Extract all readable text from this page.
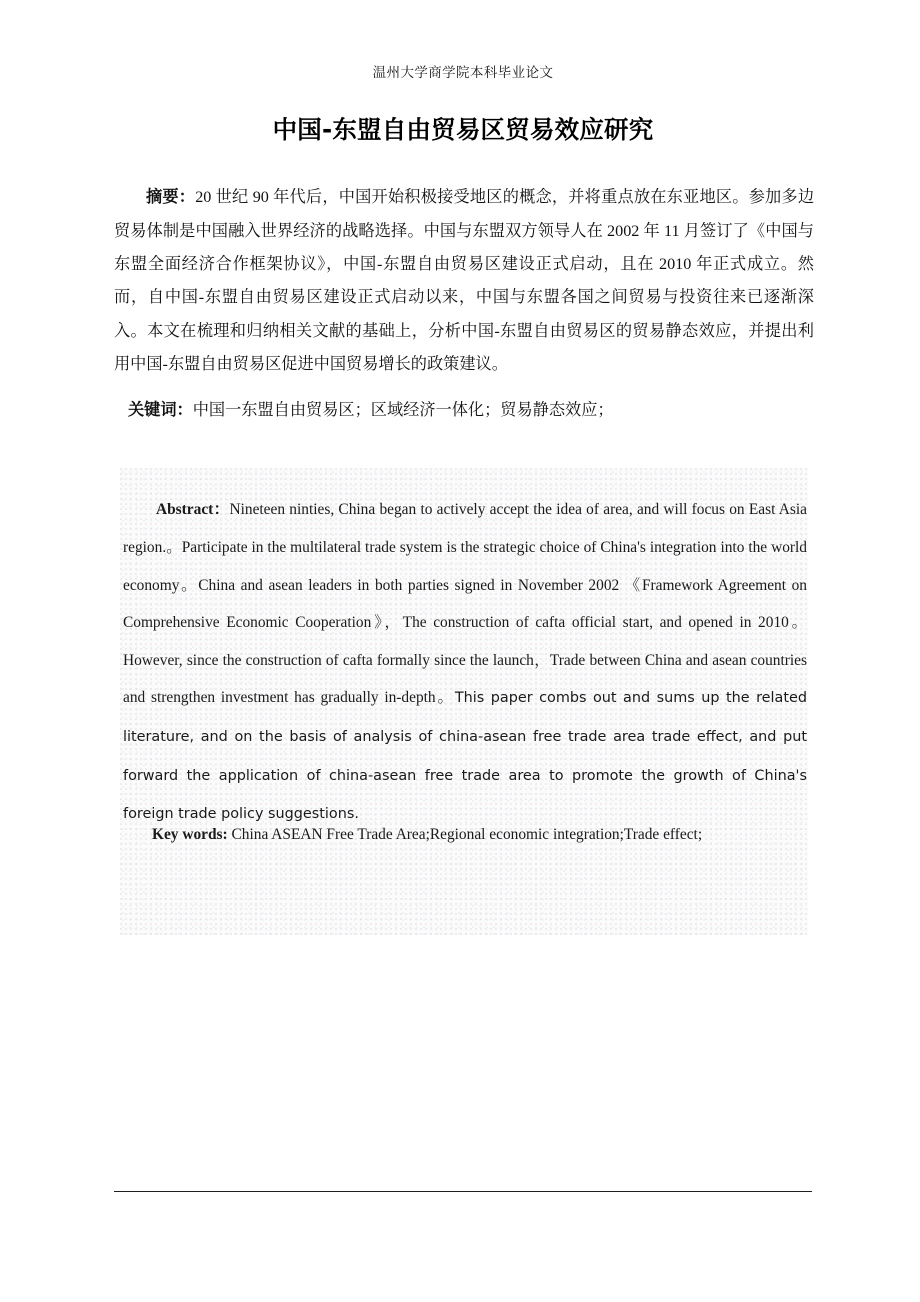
温州大学商学院本科毕业论文
中国-东盟自由贸易区贸易效应研究

摘要：20 世纪 90 年代后，中国开始积极接受地区的概念，并将重点放在东亚地区。参加多边贸易体制是中国融入世界经济的战略选择。中国与东盟双方领导人在 2002 年 11 月签订了《中国与东盟全面经济合作框架协议》，中国-东盟自由贸易区建设正式启动，且在 2010 年正式成立。然而，自中国-东盟自由贸易区建设正式启动以来，中国与东盟各国之间贸易与投资往来已逐渐深入。本文在梳理和归纳相关文献的基础上，分析中国-东盟自由贸易区的贸易静态效应，并提出利用中国-东盟自由贸易区促进中国贸易增长的政策建议。

关键词：中国一东盟自由贸易区；区域经济一体化；贸易静态效应；

Abstract：Nineteen ninties, China began to actively accept the idea of area, and will focus on East Asia region.。Participate in the multilateral trade system is the strategic choice of China's integration into the world economy。China and asean leaders in both parties signed in November 2002 《Framework Agreement on Comprehensive Economic Cooperation》，The construction of cafta official start, and opened in 2010。However, since the construction of cafta formally since the launch，Trade between China and asean countries and strengthen investment has gradually in-depth。This paper combs out and sums up the related literature, and on the basis of analysis of china-asean free trade area trade effect, and put forward the application of china-asean free trade area to promote the growth of China's foreign trade policy suggestions.

Key words: China ASEAN Free Trade Area;Regional economic integration;Trade effect;
